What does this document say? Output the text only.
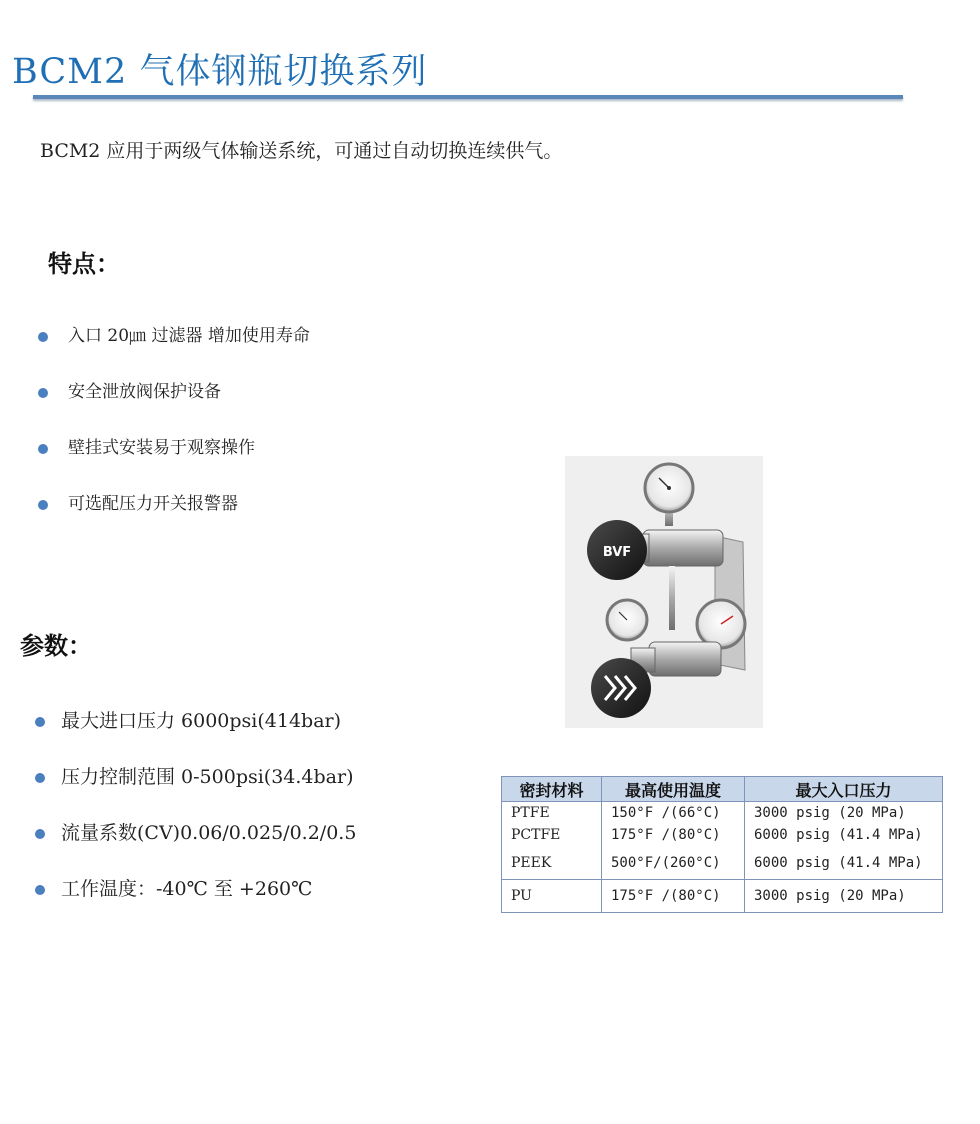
BCM2 气体钢瓶切换系列
BCM2 应用于两级气体输送系统，可通过自动切换连续供气。
特点：
入口 20㎛ 过滤器 增加使用寿命
安全泄放阀保护设备
壁挂式安装易于观察操作
可选配压力开关报警器
参数：
最大进口压力 6000psi(414bar)
压力控制范围 0-500psi(34.4bar)
流量系数(CV)0.06/0.025/0.2/0.5
工作温度：-40℃ 至 +260℃
BVF
密封材料	最高使用温度	最大入口压力
PTFE	150°F /(66°C)	3000 psig (20 MPa)
PCTFE	175°F /(80°C)	6000 psig (41.4 MPa)
PEEK	500°F/(260°C)	6000 psig (41.4 MPa)
PU	175°F /(80°C)	3000 psig (20 MPa)
